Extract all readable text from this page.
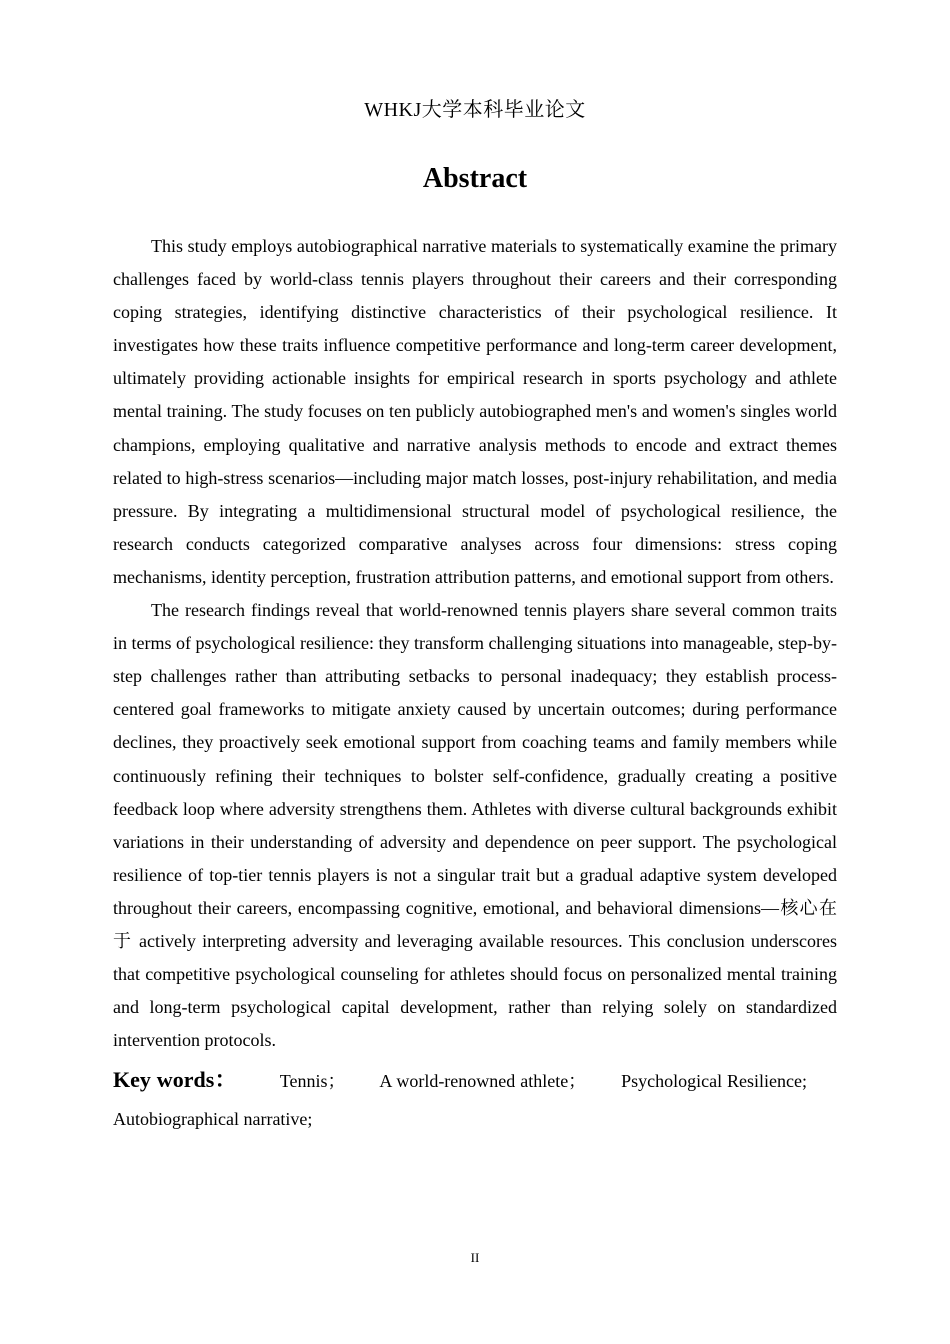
WHKJ大学本科毕业论文
Abstract

This study employs autobiographical narrative materials to systematically examine the primary challenges faced by world-class tennis players throughout their careers and their corresponding coping strategies, identifying distinctive characteristics of their psychological resilience. It investigates how these traits influence competitive performance and long-term career development, ultimately providing actionable insights for empirical research in sports psychology and athlete mental training. The study focuses on ten publicly autobiographed men's and women's singles world champions, employing qualitative and narrative analysis methods to encode and extract themes related to high-stress scenarios—including major match losses, post-injury rehabilitation, and media pressure. By integrating a multidimensional structural model of psychological resilience, the research conducts categorized comparative analyses across four dimensions: stress coping mechanisms, identity perception, frustration attribution patterns, and emotional support from others.

The research findings reveal that world-renowned tennis players share several common traits in terms of psychological resilience: they transform challenging situations into manageable, step-by-step challenges rather than attributing setbacks to personal inadequacy; they establish process-centered goal frameworks to mitigate anxiety caused by uncertain outcomes; during performance declines, they proactively seek emotional support from coaching teams and family members while continuously refining their techniques to bolster self-confidence, gradually creating a positive feedback loop where adversity strengthens them. Athletes with diverse cultural backgrounds exhibit variations in their understanding of adversity and dependence on peer support. The psychological resilience of top-tier tennis players is not a singular trait but a gradual adaptive system developed throughout their careers, encompassing cognitive, emotional, and behavioral dimensions—核心在于 actively interpreting adversity and leveraging available resources. This conclusion underscores that competitive psychological counseling for athletes should focus on personalized mental training and long-term psychological capital development, rather than relying solely on standardized intervention protocols.

Key words： Tennis； A world-renowned athlete； Psychological Resilience; Autobiographical narrative;

II
